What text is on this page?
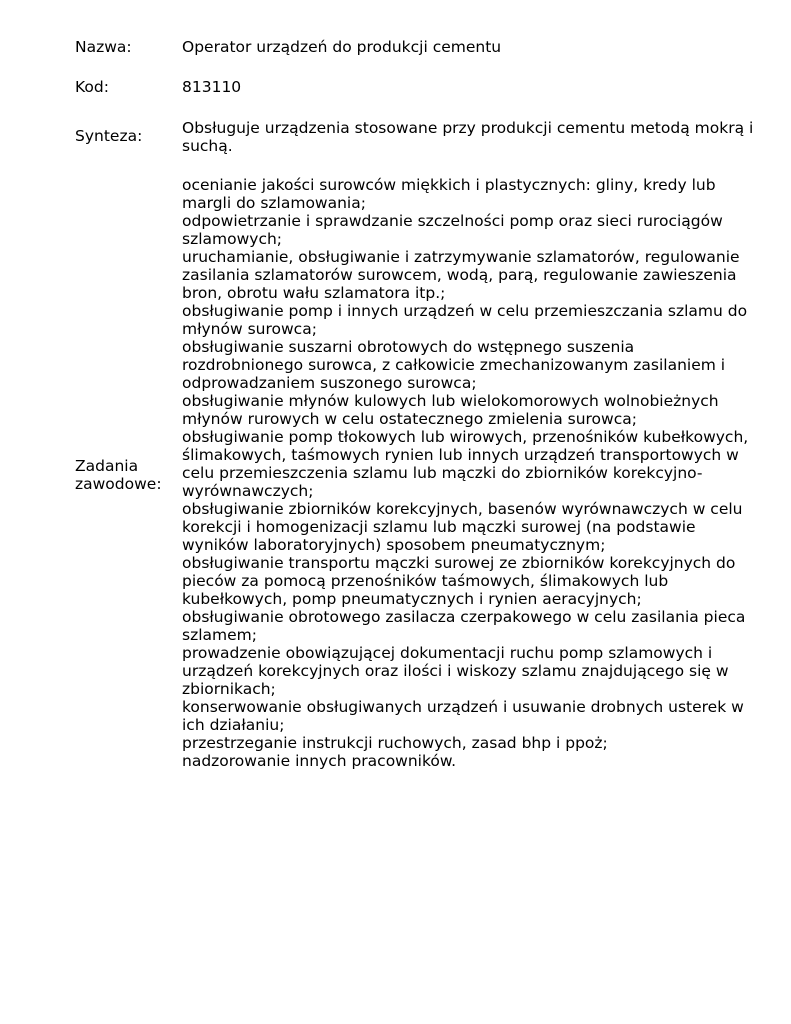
Nazwa:	Operator urządzeń do produkcji cementu
Kod:	813110
Synteza:	Obsługuje urządzenia stosowane przy produkcji cementu metodą mokrą i suchą.
Zadania zawodowe:
ocenianie jakości surowców miękkich i plastycznych: gliny, kredy lub margli do szlamowania;
odpowietrzanie i sprawdzanie szczelności pomp oraz sieci rurociągów szlamowych;
uruchamianie, obsługiwanie i zatrzymywanie szlamatorów, regulowanie zasilania szlamatorów surowcem, wodą, parą, regulowanie zawieszenia bron, obrotu wału szlamatora itp.;
obsługiwanie pomp i innych urządzeń w celu przemieszczania szlamu do młynów surowca;
obsługiwanie suszarni obrotowych do wstępnego suszenia rozdrobnionego surowca, z całkowicie zmechanizowanym zasilaniem i odprowadzaniem suszonego surowca;
obsługiwanie młynów kulowych lub wielokomorowych wolnobieżnych młynów rurowych w celu ostatecznego zmielenia surowca;
obsługiwanie pomp tłokowych lub wirowych, przenośników kubełkowych, ślimakowych, taśmowych rynien lub innych urządzeń transportowych w celu przemieszczenia szlamu lub mączki do zbiorników korekcyjno-wyrównawczych;
obsługiwanie zbiorników korekcyjnych, basenów wyrównawczych w celu korekcji i homogenizacji szlamu lub mączki surowej (na podstawie wyników laboratoryjnych) sposobem pneumatycznym;
obsługiwanie transportu mączki surowej ze zbiorników korekcyjnych do pieców za pomocą przenośników taśmowych, ślimakowych lub kubełkowych, pomp pneumatycznych i rynien aeracyjnych;
obsługiwanie obrotowego zasilacza czerpakowego w celu zasilania pieca szlamem;
prowadzenie obowiązującej dokumentacji ruchu pomp szlamowych i urządzeń korekcyjnych oraz ilości i wiskozy szlamu znajdującego się w zbiornikach;
konserwowanie obsługiwanych urządzeń i usuwanie drobnych usterek w ich działaniu;
przestrzeganie instrukcji ruchowych, zasad bhp i ppoż;
nadzorowanie innych pracowników.
